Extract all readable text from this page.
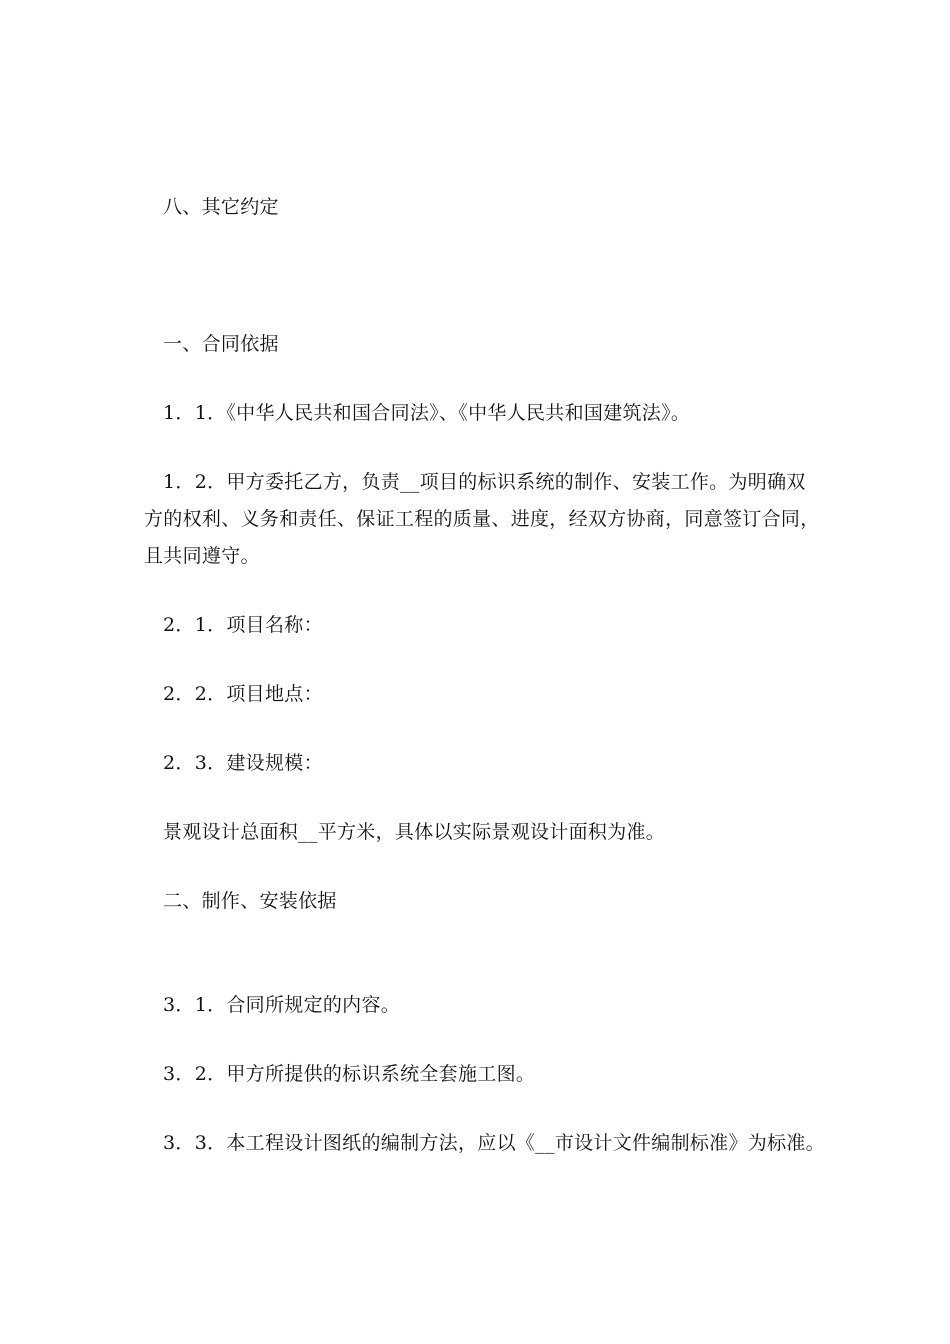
八、其它约定
一、合同依据
1．1．《中华人民共和国合同法》、《中华人民共和国建筑法》。
1．2．甲方委托乙方，负责__项目的标识系统的制作、安装工作。为明确双
方的权利、义务和责任、保证工程的质量、进度，经双方协商，同意签订合同，
且共同遵守。
2．1．项目名称：
2．2．项目地点：
2．3．建设规模：
景观设计总面积__平方米，具体以实际景观设计面积为准。
二、制作、安装依据
3．1．合同所规定的内容。
3．2．甲方所提供的标识系统全套施工图。
3．3．本工程设计图纸的编制方法，应以《__市设计文件编制标准》为标准。
